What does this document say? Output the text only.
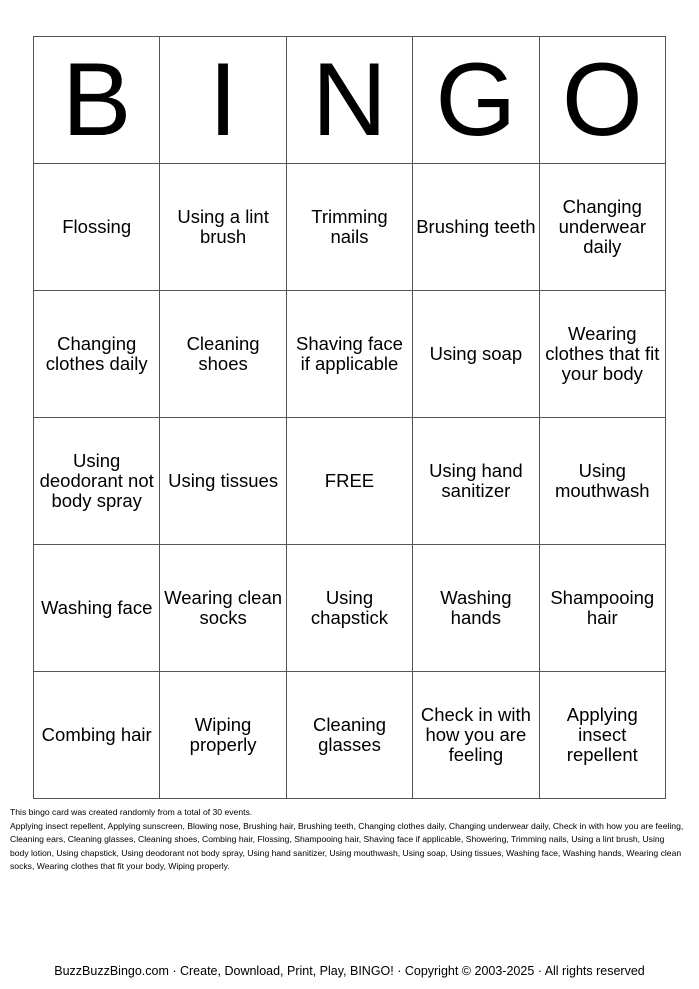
B	I	N	G	O
Flossing	Using a lint brush	Trimming nails	Brushing teeth	Changing underwear daily
Changing clothes daily	Cleaning shoes	Shaving face if applicable	Using soap	Wearing clothes that fit your body
Using deodorant not body spray	Using tissues	FREE	Using hand sanitizer	Using mouthwash
Washing face	Wearing clean socks	Using chapstick	Washing hands	Shampooing hair
Combing hair	Wiping properly	Cleaning glasses	Check in with how you are feeling	Applying insect repellent

This bingo card was created randomly from a total of 30 events.

Applying insect repellent, Applying sunscreen, Blowing nose, Brushing hair, Brushing teeth, Changing clothes daily, Changing underwear daily, Check in with how you are feeling, Cleaning ears, Cleaning glasses, Cleaning shoes, Combing hair, Flossing, Shampooing hair, Shaving face if applicable, Showering, Trimming nails, Using a lint brush, Using body lotion, Using chapstick, Using deodorant not body spray, Using hand sanitizer, Using mouthwash, Using soap, Using tissues, Washing face, Washing hands, Wearing clean socks, Wearing clothes that fit your body, Wiping properly.

BuzzBuzzBingo.com · Create, Download, Print, Play, BINGO! · Copyright © 2003-2025 · All rights reserved
